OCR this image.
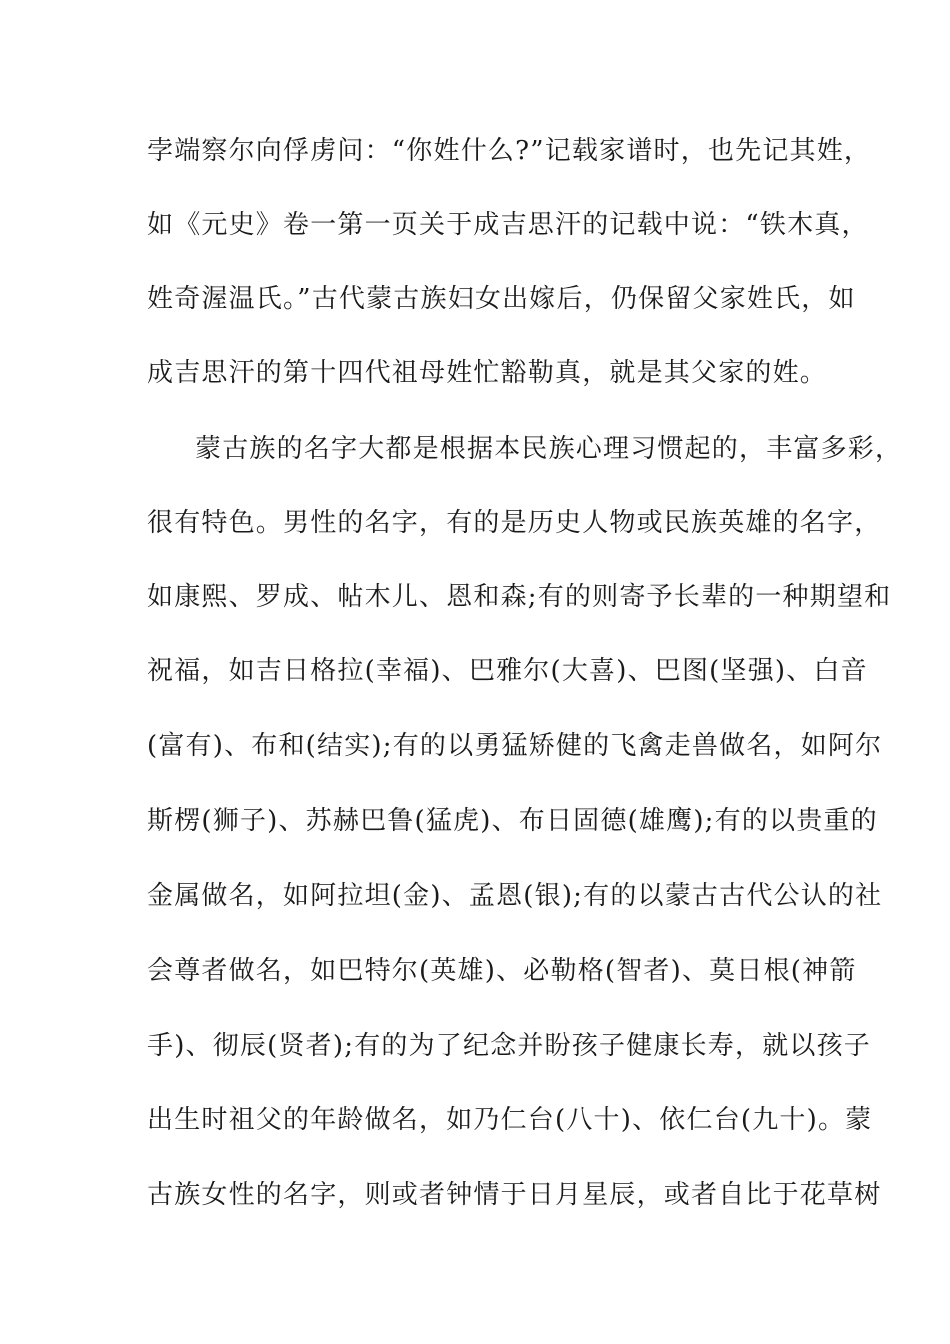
孛端察尔向俘虏问：“你姓什么?”记载家谱时，也先记其姓，
如《元史》卷一第一页关于成吉思汗的记载中说：“铁木真，
姓奇渥温氏。”古代蒙古族妇女出嫁后，仍保留父家姓氏，如
成吉思汗的第十四代祖母姓忙豁勒真，就是其父家的姓。
蒙古族的名字大都是根据本民族心理习惯起的，丰富多彩，
很有特色。男性的名字，有的是历史人物或民族英雄的名字，
如康熙、罗成、帖木儿、恩和森;有的则寄予长辈的一种期望和
祝福，如吉日格拉(幸福)、巴雅尔(大喜)、巴图(坚强)、白音
(富有)、布和(结实);有的以勇猛矫健的飞禽走兽做名，如阿尔
斯楞(狮子)、苏赫巴鲁(猛虎)、布日固德(雄鹰);有的以贵重的
金属做名，如阿拉坦(金)、孟恩(银);有的以蒙古古代公认的社
会尊者做名，如巴特尔(英雄)、必勒格(智者)、莫日根(神箭
手)、彻辰(贤者);有的为了纪念并盼孩子健康长寿，就以孩子
出生时祖父的年龄做名，如乃仁台(八十)、依仁台(九十)。蒙
古族女性的名字，则或者钟情于日月星辰，或者自比于花草树
